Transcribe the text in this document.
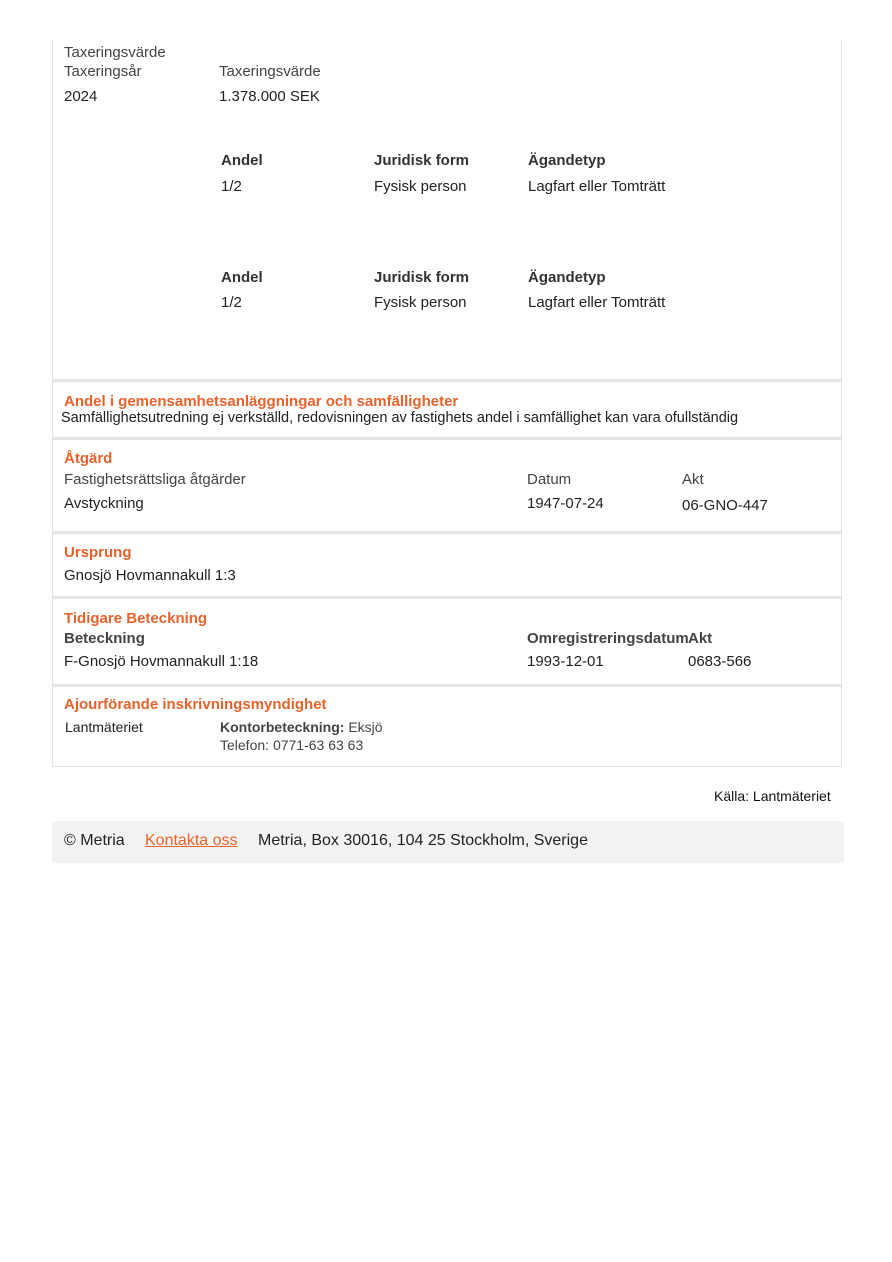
Taxeringsvärde
Taxeringsår	Taxeringsvärde
2024	1.378.000 SEK
Andel	Juridisk form	Ägandetyp
1/2	Fysisk person	Lagfart eller Tomträtt
Andel	Juridisk form	Ägandetyp
1/2	Fysisk person	Lagfart eller Tomträtt
Andel i gemensamhetsanläggningar och samfälligheter
Samfällighetsutredning ej verkställd, redovisningen av fastighets andel i samfällighet kan vara ofullständig
Åtgärd
Fastighetsrättsliga åtgärder	Datum	Akt
Avstyckning	1947-07-24	06-GNO-447
Ursprung
Gnosjö Hovmannakull 1:3
Tidigare Beteckning
Beteckning	Omregistreringsdatum Akt
F-Gnosjö Hovmannakull 1:18	1993-12-01	0683-566
Ajourförande inskrivningsmyndighet
Lantmäteriet	Kontorbeteckning: Eksjö
Telefon: 0771-63 63 63
Källa: Lantmäteriet
© Metria Kontakta oss Metria, Box 30016, 104 25 Stockholm, Sverige
